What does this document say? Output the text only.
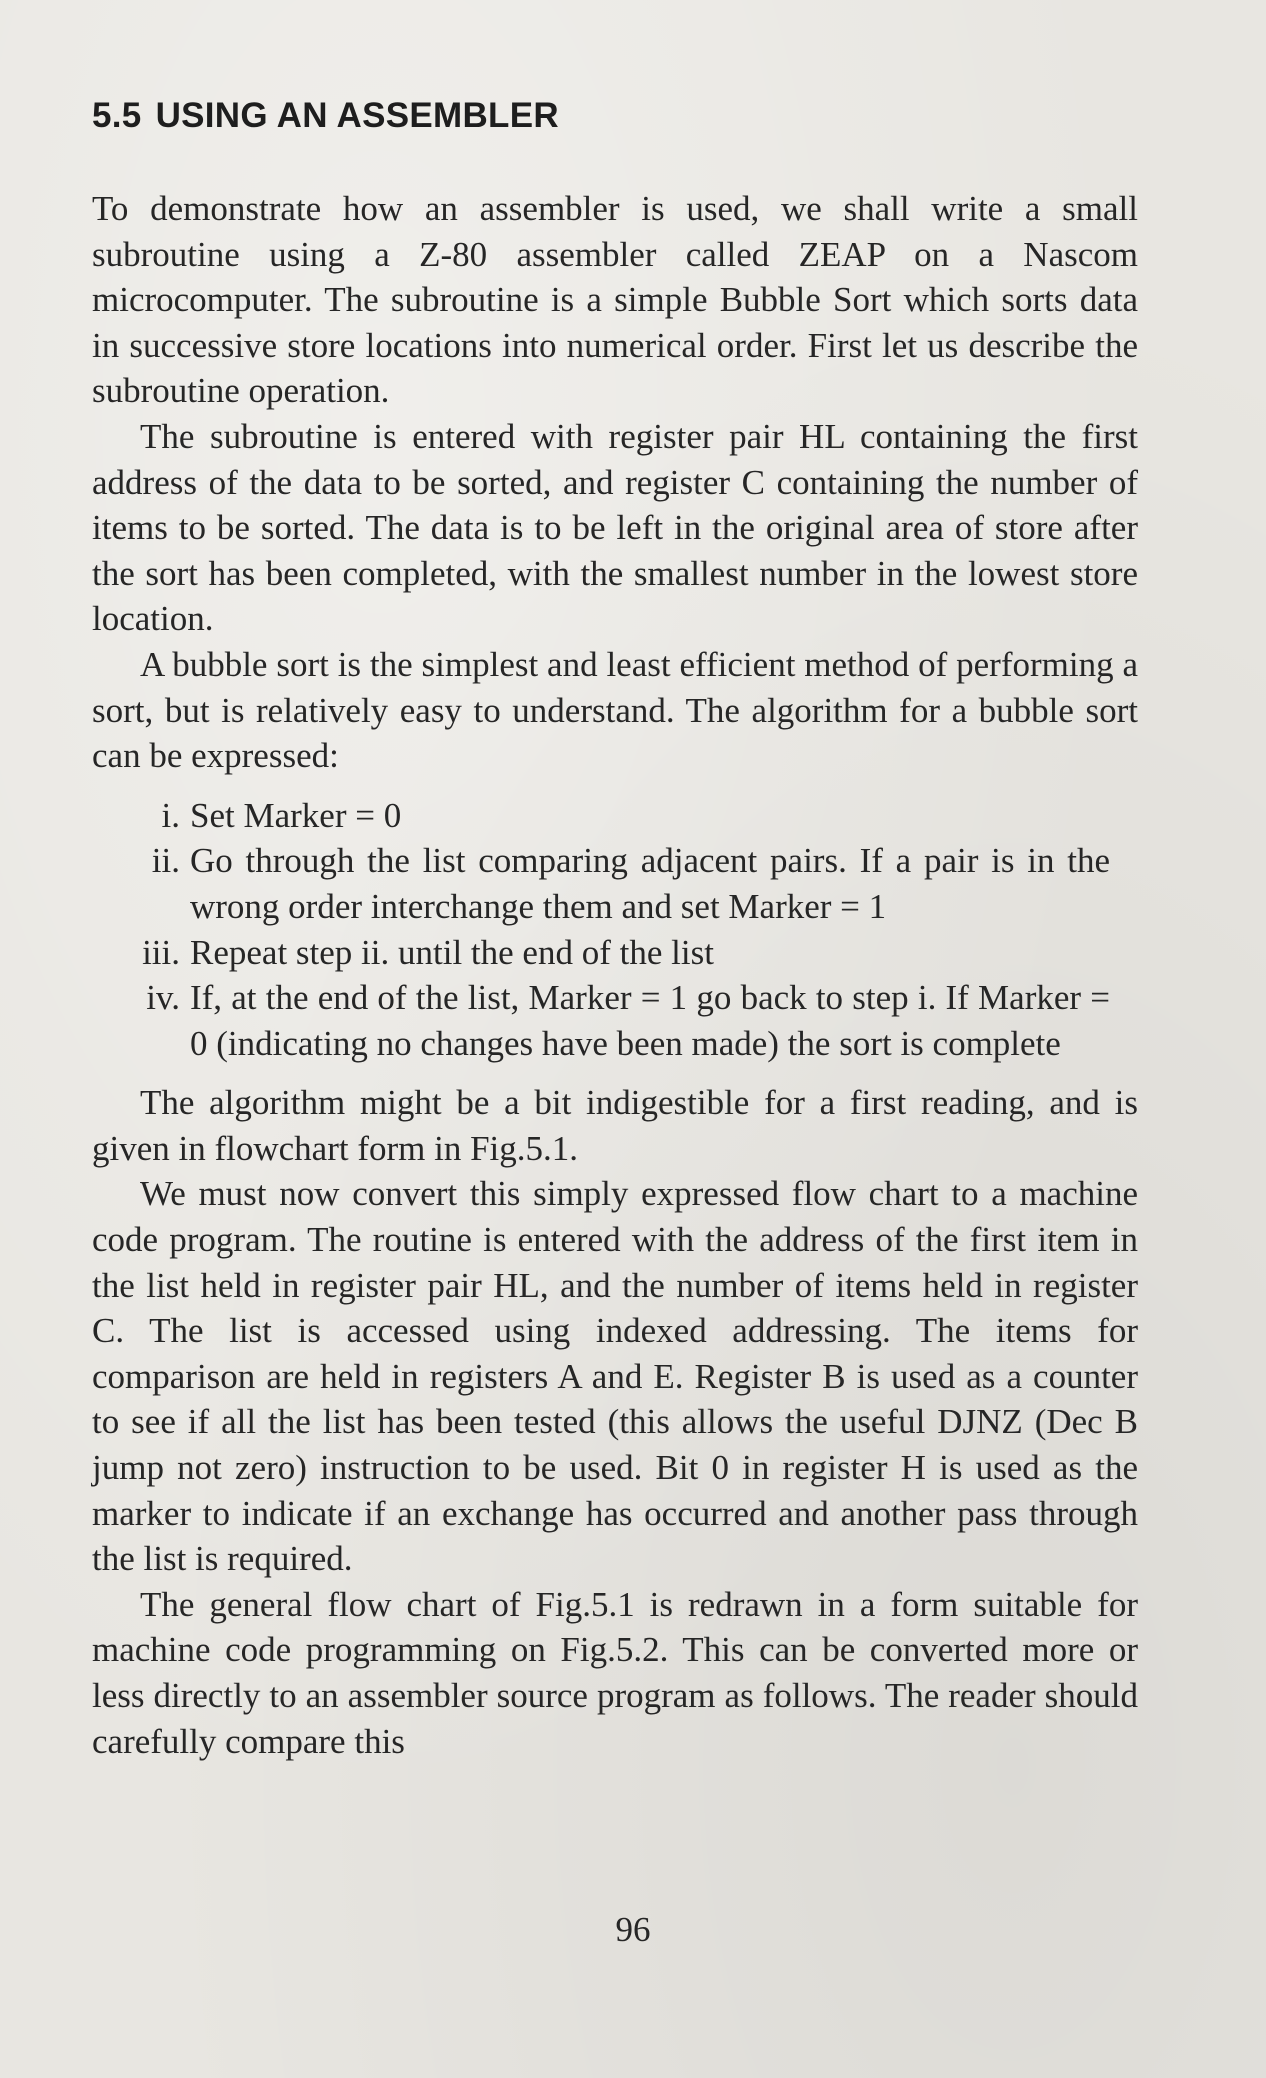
5.5 USING AN ASSEMBLER

To demonstrate how an assembler is used, we shall write a small subroutine using a Z-80 assembler called ZEAP on a Nascom microcomputer. The subroutine is a simple Bubble Sort which sorts data in successive store locations into numerical order. First let us describe the subroutine operation.

The subroutine is entered with register pair HL containing the first address of the data to be sorted, and register C containing the number of items to be sorted. The data is to be left in the original area of store after the sort has been completed, with the smallest number in the lowest store location.

A bubble sort is the simplest and least efficient method of performing a sort, but is relatively easy to understand. The algorithm for a bubble sort can be expressed:

i. Set Marker = 0
ii. Go through the list comparing adjacent pairs. If a pair is in the wrong order interchange them and set Marker = 1
iii. Repeat step ii. until the end of the list
iv. If, at the end of the list, Marker = 1 go back to step i. If Marker = 0 (indicating no changes have been made) the sort is complete

The algorithm might be a bit indigestible for a first reading, and is given in flowchart form in Fig.5.1.

We must now convert this simply expressed flow chart to a machine code program. The routine is entered with the address of the first item in the list held in register pair HL, and the number of items held in register C. The list is accessed using indexed addressing. The items for comparison are held in registers A and E. Register B is used as a counter to see if all the list has been tested (this allows the useful DJNZ (Dec B jump not zero) instruction to be used. Bit 0 in register H is used as the marker to indicate if an exchange has occurred and another pass through the list is required.

The general flow chart of Fig.5.1 is redrawn in a form suitable for machine code programming on Fig.5.2. This can be converted more or less directly to an assembler source program as follows. The reader should carefully compare this

96
